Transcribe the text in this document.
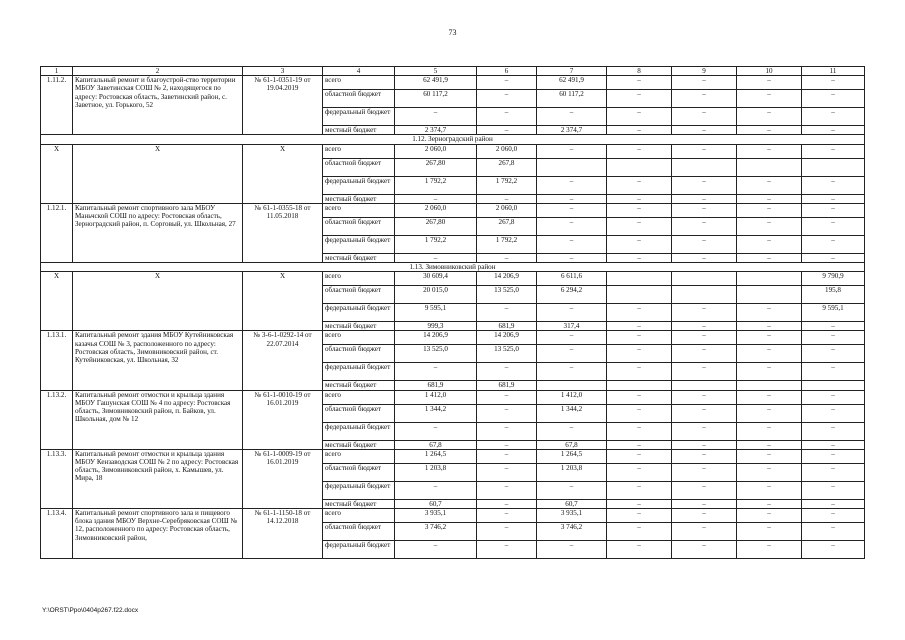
73
1	2	3	4	5	6	7	8	9	10	11
1.11.2.	Капитальный ремонт и благоустрой-ство территории МБОУ Заветинская СОШ № 2, находящегося по адресу: Ростовская область, Заветинский район, с. Заветное, ул. Горького, 52	№ 61-1-0351-19 от 19.04.2019	всего	62 491,9	–	62 491,9	–	–	–	–
			областной бюджет	60 117,2	–	60 117,2	–	–	–	–
			федеральный бюджет	–	–	–	–	–	–	–
			местный бюджет	2 374,7	–	2 374,7	–	–	–	–
1.12. Зерноградский район										
Х	Х	Х	всего	2 060,0	2 060,0	–	–	–	–	–
			областной бюджет	267,80	267,8					
			федеральный бюджет	1 792,2	1 792,2	–	–	–	–	–
			местный бюджет	–	–	–	–	–	–	–
1.12.1.	Капитальный ремонт спортивного зала МБОУ Маньчской СОШ по адресу: Ростовская область, Зерноградский район, п. Сорговый, ул. Школьная, 27	№ 61-1-0355-18 от 11.05.2018	всего	2 060,0	2 060,0	–	–	–	–	–
			областной бюджет	267,80	267,8	–	–	–	–	–
			федеральный бюджет	1 792,2	1 792,2	–	–	–	–	–
			местный бюджет	–	–	–	–	–	–	–
1.13. Зимовниковский район										
Х	Х	Х	всего	30 609,4	14 206,9	6 611,6				9 790,9
			областной бюджет	20 015,0	13 525,0	6 294,2				195,8
			федеральный бюджет	9 595,1	–	–	–	–	–	9 595,1
			местный бюджет	999,3	681,9	317,4	–	–	–	–
1.13.1.	Капитальный ремонт здания МБОУ Кутейниковская казачья СОШ № 3, расположенного по адресу: Ростовская область, Зимовниковский район, ст. Кутейниковская, ул. Школьная, 32	№ 3-6-1-0292-14 от 22.07.2014	всего	14 206,9	14 206,9	–	–	–	–	–
			областной бюджет	13 525,0	13 525,0	–	–	–	–	–
			федеральный бюджет	–	–	–	–	–	–	–
			местный бюджет	681,9	681,9					
1.13.2.	Капитальный ремонт отмостки и крыльца здания МБОУ Гашунская СОШ № 4 по адресу: Ростовская область, Зимовниковский район, п. Байков, ул. Школьная, дом № 12	№ 61-1-0010-19 от 16.01.2019	всего	1 412,0	–	1 412,0	–	–	–	–
			областной бюджет	1 344,2	–	1 344,2	–	–	–	–
			федеральный бюджет	–	–	–	–	–	–	–
			местный бюджет	67,8	–	67,8	–	–	–	–
1.13.3.	Капитальный ремонт отмостки и крыльца здания МБОУ Кензаводская СОШ № 2 по адресу: Ростовская область, Зимовниковский район, х. Камышев, ул. Мира, 18	№ 61-1-0009-19 от 16.01.2019	всего	1 264,5	–	1 264,5	–	–	–	–
			областной бюджет	1 203,8	–	1 203,8	–	–	–	–
			федеральный бюджет	–	–	–	–	–	–	–
			местный бюджет	60,7	–	60,7	–	–	–	–
1.13.4.	Капитальный ремонт спортивного зала и пищевого блока здания МБОУ Верхне-Серебряковская СОШ № 12, расположенного по адресу: Ростовская область, Зимовниковский район,	№ 61-1-1150-18 от 14.12.2018	всего	3 935,1	–	3 935,1	–	–	–	–
			областной бюджет	3 746,2	–	3 746,2	–	–	–	–
			федеральный бюджет	–	–	–	–	–	–	–
Y:\ORST\Ppo\0404p267.f22.docx
